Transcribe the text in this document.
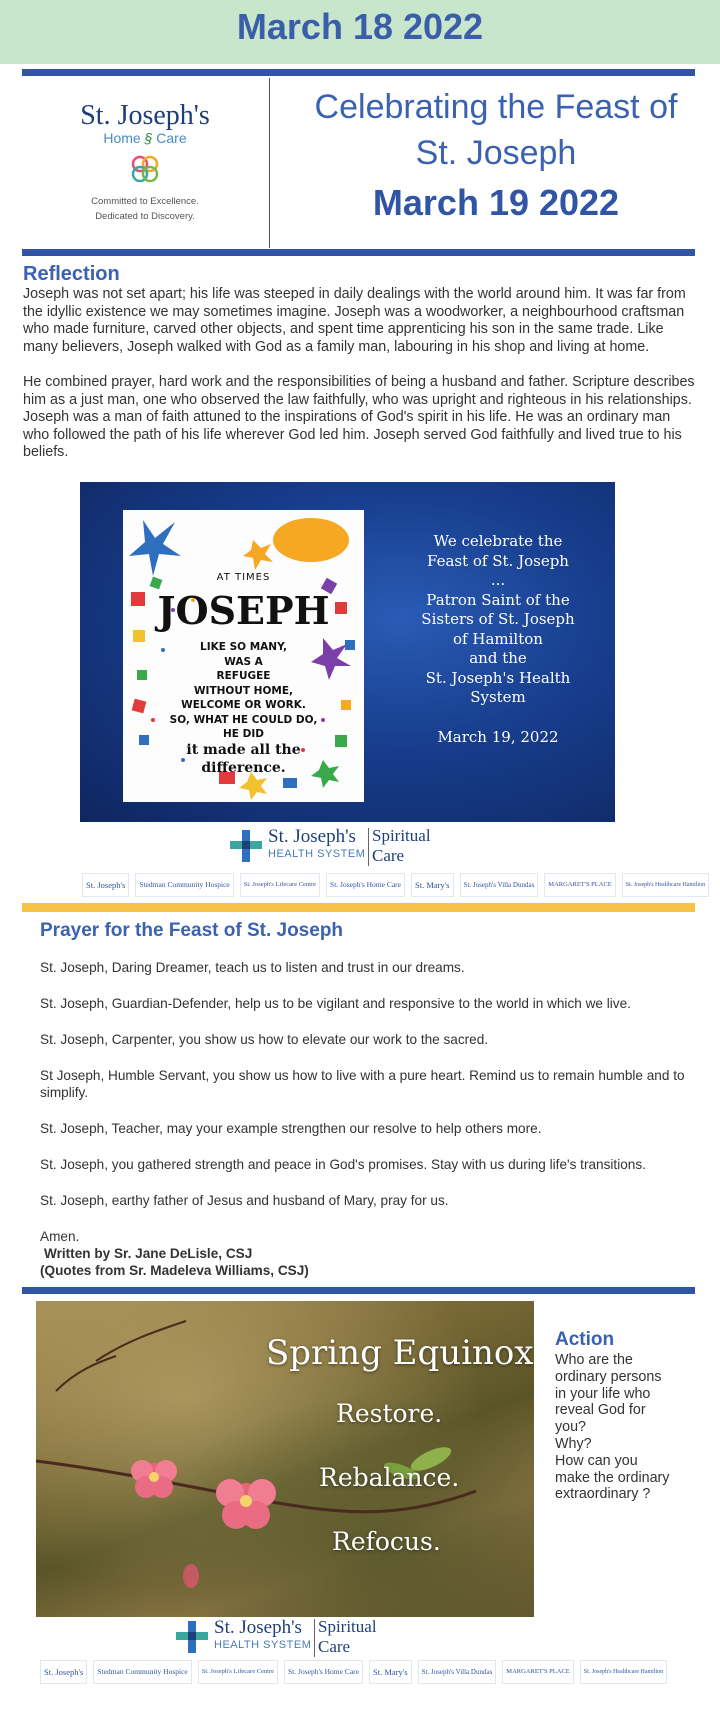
March 18 2022
St. Joseph's
Home § Care
Committed to Excellence.
Dedicated to Discovery.
Celebrating the Feast of
St. Joseph
March 19 2022
Reflection

Joseph was not set apart; his life was steeped in daily dealings with the world around him. It was far from the idyllic existence we may sometimes imagine. Joseph was a woodworker, a neighbourhood craftsman who made furniture, carved other objects, and spent time apprenticing his son in the same trade. Like many believers, Joseph walked with God as a family man, labouring in his shop and living at home.

He combined prayer, hard work and the responsibilities of being a husband and father. Scripture describes him as a just man, one who observed the law faithfully, who was upright and righteous in his relationships. Joseph was a man of faith attuned to the inspirations of God's spirit in his life. He was an ordinary man who followed the path of his life wherever God led him. Joseph served God faithfully and lived true to his beliefs.

AT TIMES
JOSEPH
LIKE SO MANY,
WAS A
REFUGEE
WITHOUT HOME,
WELCOME OR WORK.
SO, WHAT HE COULD DO,
HE DID
it made all the
difference.
We celebrate the
Feast of St. Joseph
...
Patron Saint of the
Sisters of St. Joseph
of Hamilton
and the
St. Joseph's Health
System
March 19, 2022
St. Joseph's
HEALTH SYSTEM
Spiritual
Care
St. Joseph's	Stedman Community Hospice	St. Joseph's Lifecare Centre	St. Joseph's Home Care	St. Mary's	St. Joseph's Villa Dundas	MARGARET'S PLACE	St. Joseph's Healthcare Hamilton
Prayer for the Feast of St. Joseph

St. Joseph, Daring Dreamer, teach us to listen and trust in our dreams.

St. Joseph, Guardian-Defender, help us to be vigilant and responsive to the world in which we live.

St. Joseph, Carpenter, you show us how to elevate our work to the sacred.

St Joseph, Humble Servant, you show us how to live with a pure heart. Remind us to remain humble and to simplify.

St. Joseph, Teacher, may your example strengthen our resolve to help others more.

St. Joseph, you gathered strength and peace in God's promises. Stay with us during life's transitions.

St. Joseph, earthy father of Jesus and husband of Mary, pray for us.

Amen.

Written by Sr. Jane DeLisle, CSJ

(Quotes from Sr. Madeleva Williams, CSJ)

Spring Equinox
Restore.
Rebalance.
Refocus.
Action
Who are the
ordinary persons
in your life who
reveal God for
you?
Why?
How can you
make the ordinary
extraordinary ?
St. Joseph's
HEALTH SYSTEM
Spiritual
Care
St. Joseph's	Stedman Community Hospice	St. Joseph's Lifecare Centre	St. Joseph's Home Care	St. Mary's	St. Joseph's Villa Dundas	MARGARET'S PLACE	St. Joseph's Healthcare Hamilton
